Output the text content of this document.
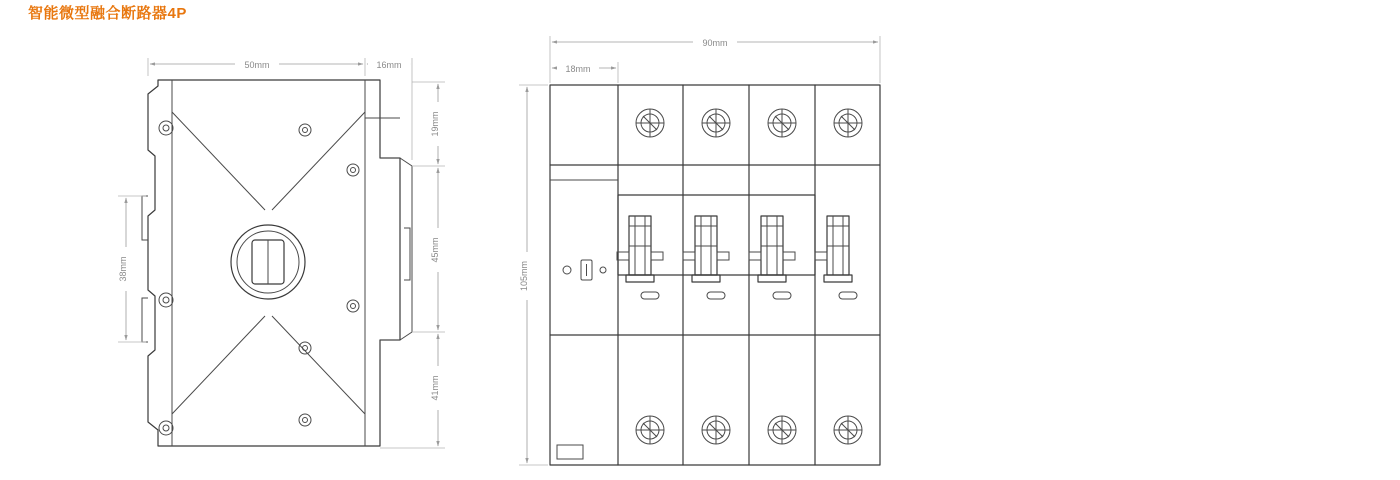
智能微型融合断路器4P
50mm	16mm
19mm
45mm
41mm
38mm
90mm
18mm
105mm
